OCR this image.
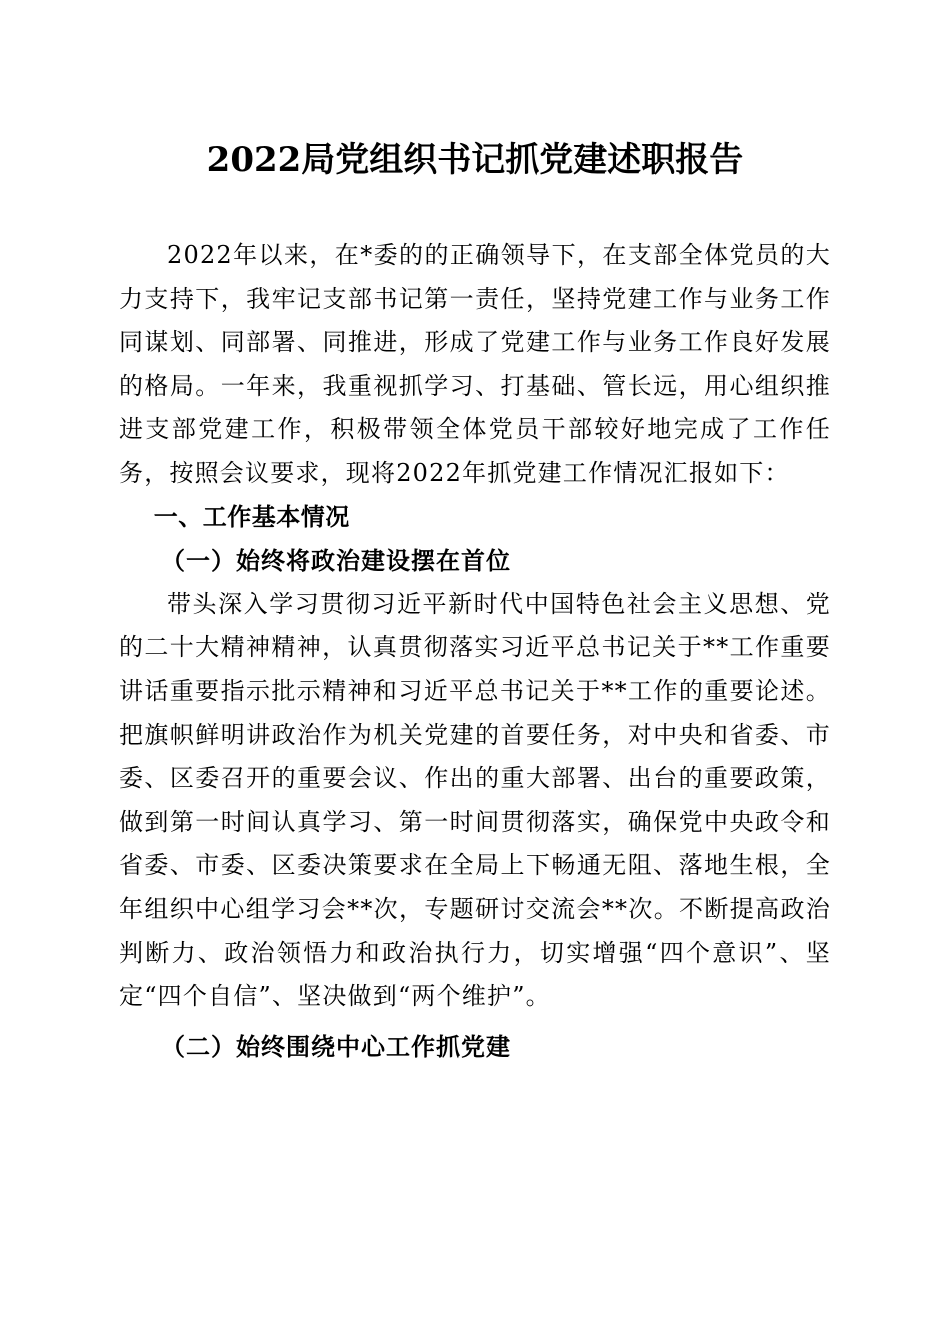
2022局党组织书记抓党建述职报告

2022年以来，在*委的的正确领导下，在支部全体党员的大力支持下，我牢记支部书记第一责任，坚持党建工作与业务工作同谋划、同部署、同推进，形成了党建工作与业务工作良好发展的格局。一年来，我重视抓学习、打基础、管长远，用心组织推进支部党建工作，积极带领全体党员干部较好地完成了工作任务，按照会议要求，现将2022年抓党建工作情况汇报如下：

一、工作基本情况

（一）始终将政治建设摆在首位

带头深入学习贯彻习近平新时代中国特色社会主义思想、党的二十大精神精神，认真贯彻落实习近平总书记关于**工作重要讲话重要指示批示精神和习近平总书记关于**工作的重要论述。把旗帜鲜明讲政治作为机关党建的首要任务，对中央和省委、市委、区委召开的重要会议、作出的重大部署、出台的重要政策，做到第一时间认真学习、第一时间贯彻落实，确保党中央政令和省委、市委、区委决策要求在全局上下畅通无阻、落地生根，全年组织中心组学习会**次，专题研讨交流会**次。不断提高政治判断力、政治领悟力和政治执行力，切实增强“四个意识”、坚定“四个自信”、坚决做到“两个维护”。

（二）始终围绕中心工作抓党建
